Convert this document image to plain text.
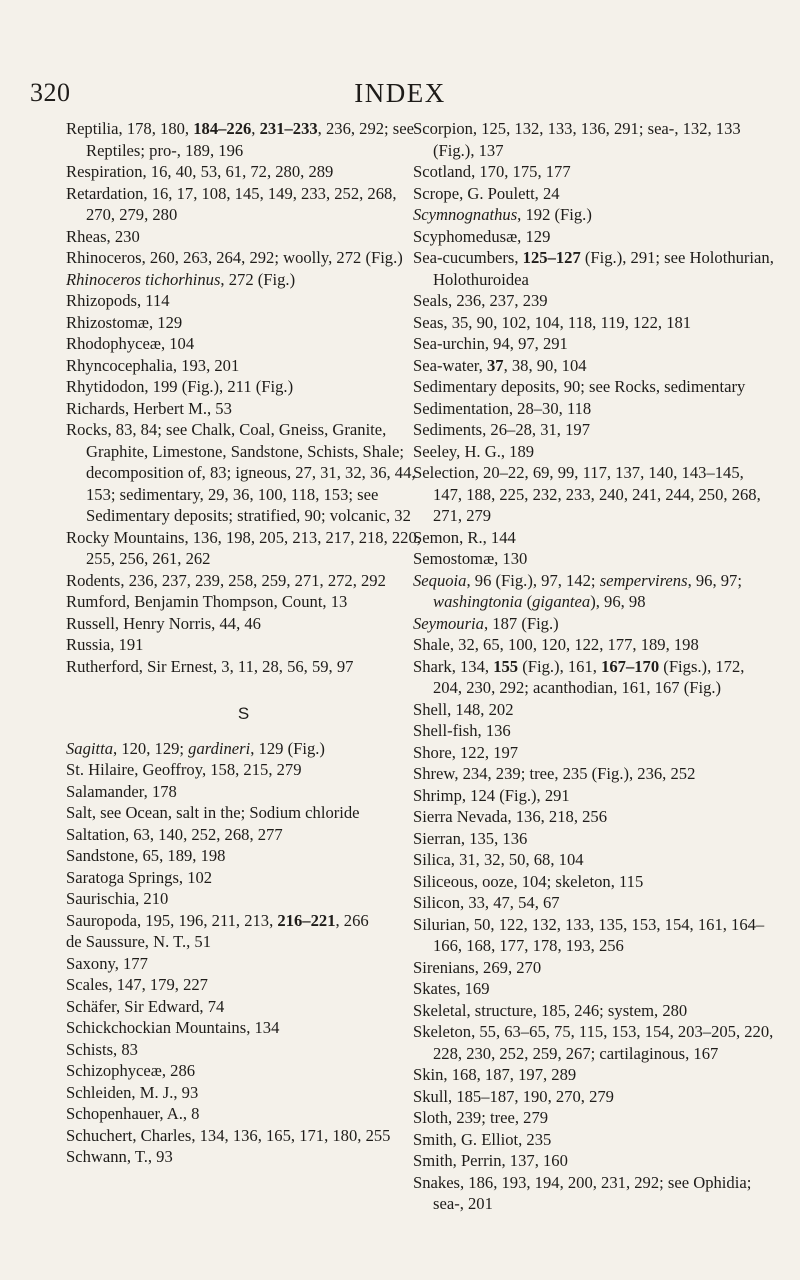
320	INDEX
Reptilia, 178, 180, 184–226, 231–233, 236, 292; see Reptiles; pro-, 189, 196
Respiration, 16, 40, 53, 61, 72, 280, 289
Retardation, 16, 17, 108, 145, 149, 233, 252, 268, 270, 279, 280
Rheas, 230
Rhinoceros, 260, 263, 264, 292; woolly, 272 (Fig.)
Rhinoceros tichorhinus, 272 (Fig.)
Rhizopods, 114
Rhizostomæ, 129
Rhodophyceæ, 104
Rhyncocephalia, 193, 201
Rhytidodon, 199 (Fig.), 211 (Fig.)
Richards, Herbert M., 53
Rocks, 83, 84; see Chalk, Coal, Gneiss, Granite, Graphite, Limestone, Sandstone, Schists, Shale; decomposition of, 83; igneous, 27, 31, 32, 36, 44, 153; sedimentary, 29, 36, 100, 118, 153; see Sedimentary deposits; stratified, 90; volcanic, 32
Rocky Mountains, 136, 198, 205, 213, 217, 218, 220, 255, 256, 261, 262
Rodents, 236, 237, 239, 258, 259, 271, 272, 292
Rumford, Benjamin Thompson, Count, 13
Russell, Henry Norris, 44, 46
Russia, 191
Rutherford, Sir Ernest, 3, 11, 28, 56, 59, 97
S
Sagitta, 120, 129; gardineri, 129 (Fig.)
St. Hilaire, Geoffroy, 158, 215, 279
Salamander, 178
Salt, see Ocean, salt in the; Sodium chloride
Saltation, 63, 140, 252, 268, 277
Sandstone, 65, 189, 198
Saratoga Springs, 102
Saurischia, 210
Sauropoda, 195, 196, 211, 213, 216–221, 266
de Saussure, N. T., 51
Saxony, 177
Scales, 147, 179, 227
Schäfer, Sir Edward, 74
Schickchockian Mountains, 134
Schists, 83
Schizophyceæ, 286
Schleiden, M. J., 93
Schopenhauer, A., 8
Schuchert, Charles, 134, 136, 165, 171, 180, 255
Schwann, T., 93
Scorpion, 125, 132, 133, 136, 291; sea-, 132, 133 (Fig.), 137
Scotland, 170, 175, 177
Scrope, G. Poulett, 24
Scymnognathus, 192 (Fig.)
Scyphomedusæ, 129
Sea-cucumbers, 125–127 (Fig.), 291; see Holothurian, Holothuroidea
Seals, 236, 237, 239
Seas, 35, 90, 102, 104, 118, 119, 122, 181
Sea-urchin, 94, 97, 291
Sea-water, 37, 38, 90, 104
Sedimentary deposits, 90; see Rocks, sedimentary
Sedimentation, 28–30, 118
Sediments, 26–28, 31, 197
Seeley, H. G., 189
Selection, 20–22, 69, 99, 117, 137, 140, 143–145, 147, 188, 225, 232, 233, 240, 241, 244, 250, 268, 271, 279
Semon, R., 144
Semostomæ, 130
Sequoia, 96 (Fig.), 97, 142; sempervirens, 96, 97; washingtonia (gigantea), 96, 98
Seymouria, 187 (Fig.)
Shale, 32, 65, 100, 120, 122, 177, 189, 198
Shark, 134, 155 (Fig.), 161, 167–170 (Figs.), 172, 204, 230, 292; acanthodian, 161, 167 (Fig.)
Shell, 148, 202
Shell-fish, 136
Shore, 122, 197
Shrew, 234, 239; tree, 235 (Fig.), 236, 252
Shrimp, 124 (Fig.), 291
Sierra Nevada, 136, 218, 256
Sierran, 135, 136
Silica, 31, 32, 50, 68, 104
Siliceous, ooze, 104; skeleton, 115
Silicon, 33, 47, 54, 67
Silurian, 50, 122, 132, 133, 135, 153, 154, 161, 164–166, 168, 177, 178, 193, 256
Sirenians, 269, 270
Skates, 169
Skeletal, structure, 185, 246; system, 280
Skeleton, 55, 63–65, 75, 115, 153, 154, 203–205, 220, 228, 230, 252, 259, 267; cartilaginous, 167
Skin, 168, 187, 197, 289
Skull, 185–187, 190, 270, 279
Sloth, 239; tree, 279
Smith, G. Elliot, 235
Smith, Perrin, 137, 160
Snakes, 186, 193, 194, 200, 231, 292; see Ophidia; sea-, 201
